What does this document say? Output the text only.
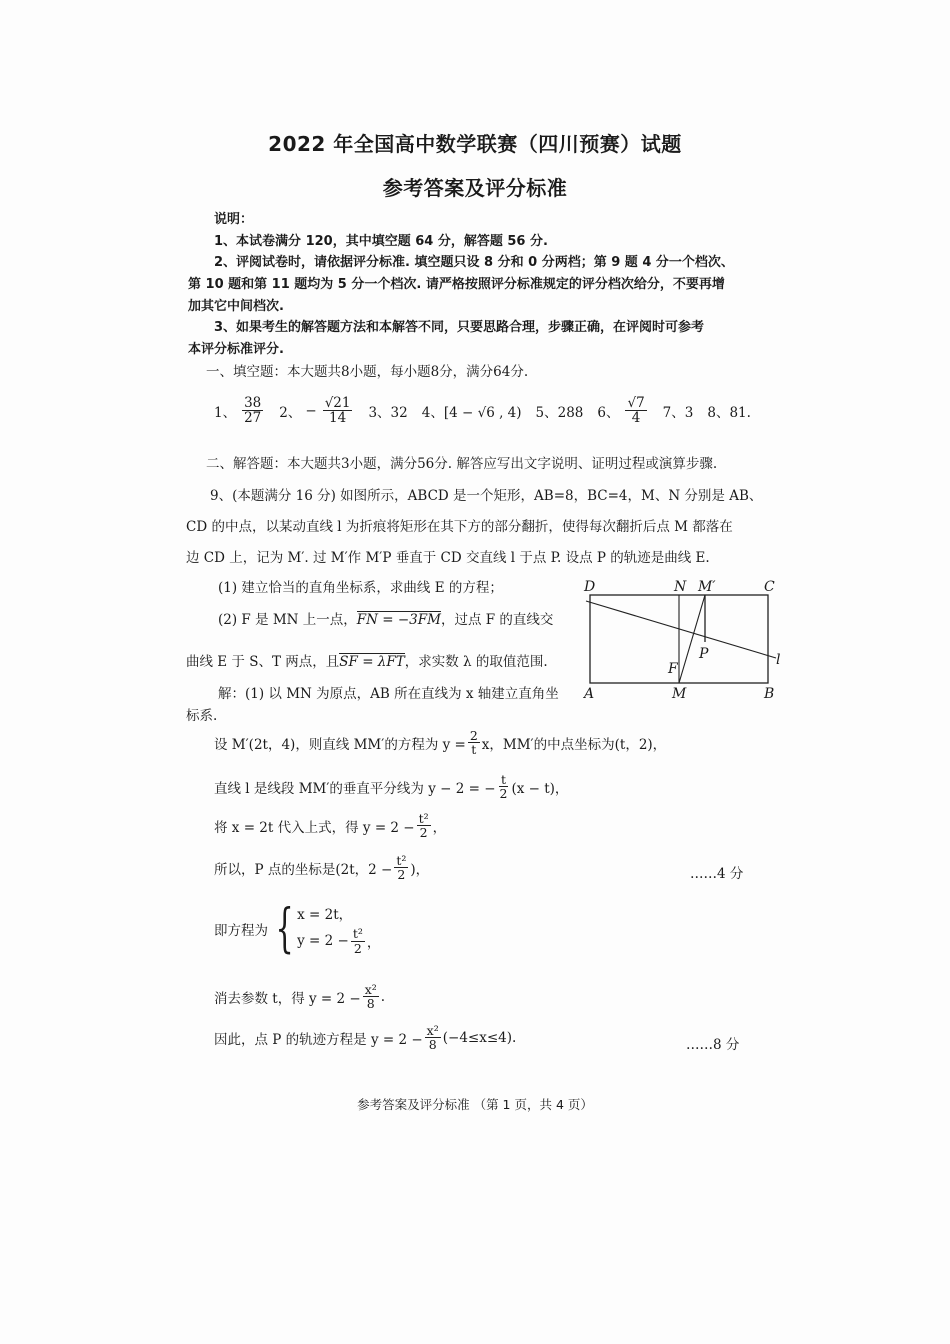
2022 年全国高中数学联赛（四川预赛）试题
参考答案及评分标准
说明：
1、本试卷满分 120，其中填空题 64 分，解答题 56 分.
2、评阅试卷时，请依据评分标准. 填空题只设 8 分和 0 分两档；第 9 题 4 分一个档次、
第 10 题和第 11 题均为 5 分一个档次. 请严格按照评分标准规定的评分档次给分，不要再增
加其它中间档次.
3、如果考生的解答题方法和本解答不同，只要思路合理，步骤正确，在评阅时可参考
本评分标准评分.
一、填空题：本大题共8小题，每小题8分，满分64分.
1、 $\frac{38}{27} 2$、 − $\frac{√21}{14} 3$、32 4、[4 − √6 , 4) 5、288 6、 $\frac{√7}{4} 7$、3 8、81.
二、解答题：本大题共3小题，满分56分. 解答应写出文字说明、证明过程或演算步骤.
9、(本题满分 16 分) 如图所示，ABCD 是一个矩形，AB=8，BC=4，M、N 分别是 AB、
CD 的中点，以某动直线 l 为折痕将矩形在其下方的部分翻折，使得每次翻折后点 M 都落在
边 CD 上，记为 M′. 过 M′作 M′P 垂直于 CD 交直线 l 于点 P. 设点 P 的轨迹是曲线 E.
(1) 建立恰当的直角坐标系，求曲线 E 的方程；
(2) F 是 MN 上一点，FN = −3FM，过点 F 的直线交
曲线 E 于 S、T 两点，且SF = λFT，求实数 λ 的取值范围.
D	N M′	C
P
F
l
A	M	B
解：(1) 以 MN 为原点，AB 所在直线为 x 轴建立直角坐
标系.
设 M′(2t，4)，则直线 MM′的方程为 $y = \frac{2}{t}$ x，MM′的中点坐标为(t，2)，
直线 l 是线段 MM′的垂直平分线为 y − 2 = − $\frac{t}{2} (x - t)$，
将 x = 2t 代入上式，得 $y = 2 - \frac{\text{t²}}{2}$ ，
所以，P 点的坐标是(2t，$2 - \frac{\text{t²}}{2}$ )，	……4 分
即方程为 { x = 2t，
$y = 2 - \frac{\text{t²}}{2}$ ，
消去参数 t，得 $y = 2 - \frac{\text{x²}}{8}$ .
因此，点 P 的轨迹方程是 $y = 2 - \frac{\text{x²}}{8} (-4\le x\le 4)$.	……8 分
参考答案及评分标准 （第 1 页，共 4 页）
